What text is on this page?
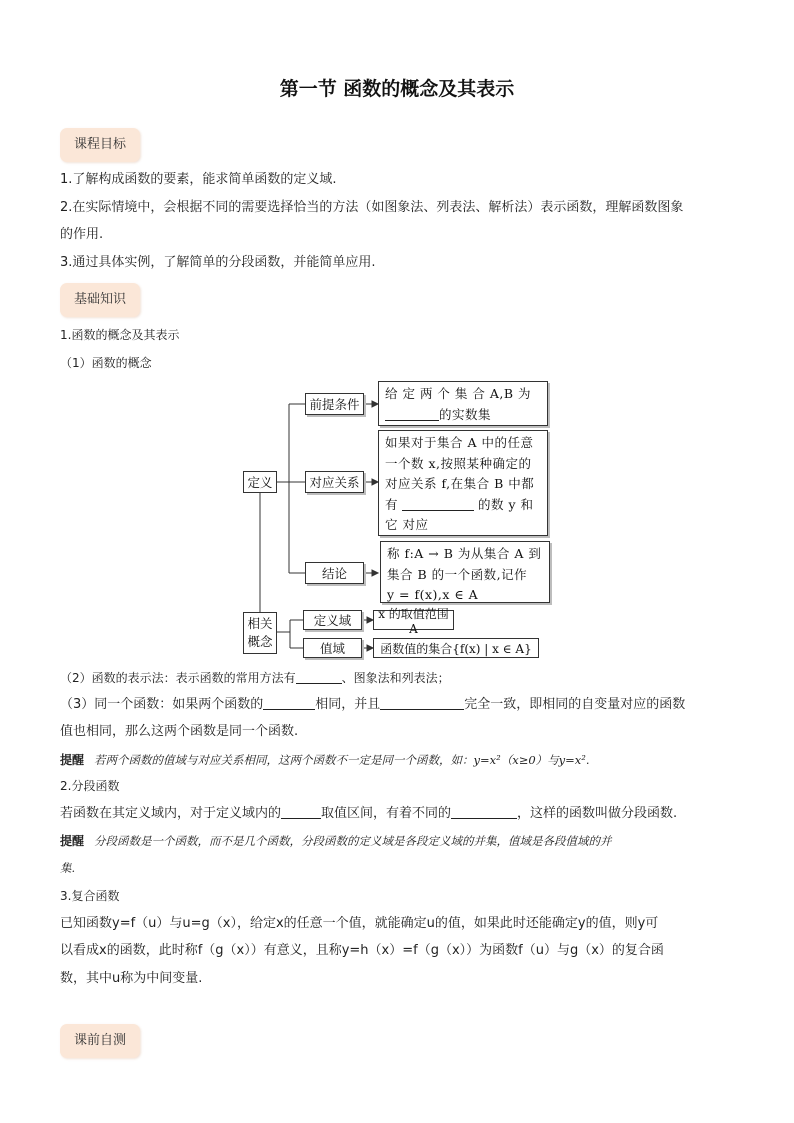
第一节 函数的概念及其表示
课程目标
1.了解构成函数的要素，能求简单函数的定义域.
2.在实际情境中，会根据不同的需要选择恰当的方法（如图象法、列表法、解析法）表示函数，理解函数图象
的作用.
3.通过具体实例，了解简单的分段函数，并能简单应用.
基础知识
1.函数的概念及其表示
（1）函数的概念
定义
前提条件
给 定 两 个 集 合 A,B 为
的实数集
对应关系
如果对于集合 A 中的任意
一个数 x,按照某种确定的
对应关系 f,在集合 B 中都
有	的数 y 和
它 对应
结论
称 f:A → B 为从集合 A 到
集合 B 的一个函数,记作
y = f(x),x ∈ A
相关
概念
定义域	x 的取值范围 A
值域	函数值的集合{f(x) | x ∈ A}
（2）函数的表示法：表示函数的常用方法有	、图象法和列表法；
（3）同一个函数：如果两个函数的	相同，并且	完全一致，即相同的自变量对应的函数
值也相同，那么这两个函数是同一个函数.
提醒 若两个函数的值域与对应关系相同，这两个函数不一定是同一个函数，如：y=x²（x≥0）与y=x².
2.分段函数
若函数在其定义域内，对于定义域内的	取值区间，有着不同的	，这样的函数叫做分段函数.
提醒 分段函数是一个函数，而不是几个函数，分段函数的定义域是各段定义域的并集，值域是各段值域的并
集.
3.复合函数
已知函数y=f（u）与u=g（x），给定x的任意一个值，就能确定u的值，如果此时还能确定y的值，则y可
以看成x的函数，此时称f（g（x））有意义，且称y=h（x）=f（g（x））为函数f（u）与g（x）的复合函
数，其中u称为中间变量.
课前自测
